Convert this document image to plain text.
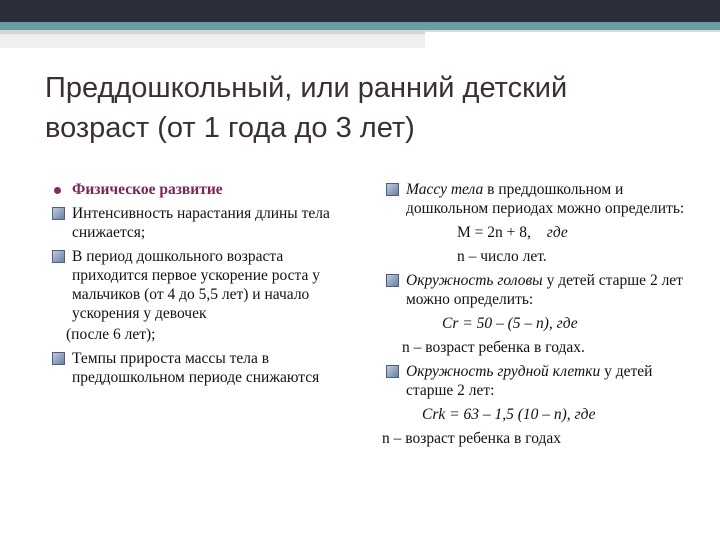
Преддошкольный, или ранний детский
возраст (от 1 года до 3 лет)
Физическое развитие
Интенсивность нарастания длины тела снижается;
В период дошкольного возраста приходится первое ускорение роста у мальчиков (от 4 до 5,5 лет) и начало ускорения у девочек
(после 6 лет);
Темпы прироста массы тела в преддошкольном периоде снижаются
Массу тела в преддошкольном и дошкольном периодах можно определить:
М = 2n + 8, где
n – число лет.
Окружность головы у детей старше 2 лет можно определить:
Cr = 50 – (5 – n), где
n – возраст ребенка в годах.
Окружность грудной клетки у детей старше 2 лет:
Crk = 63 – 1,5 (10 – n), где
n – возраст ребенка в годах
